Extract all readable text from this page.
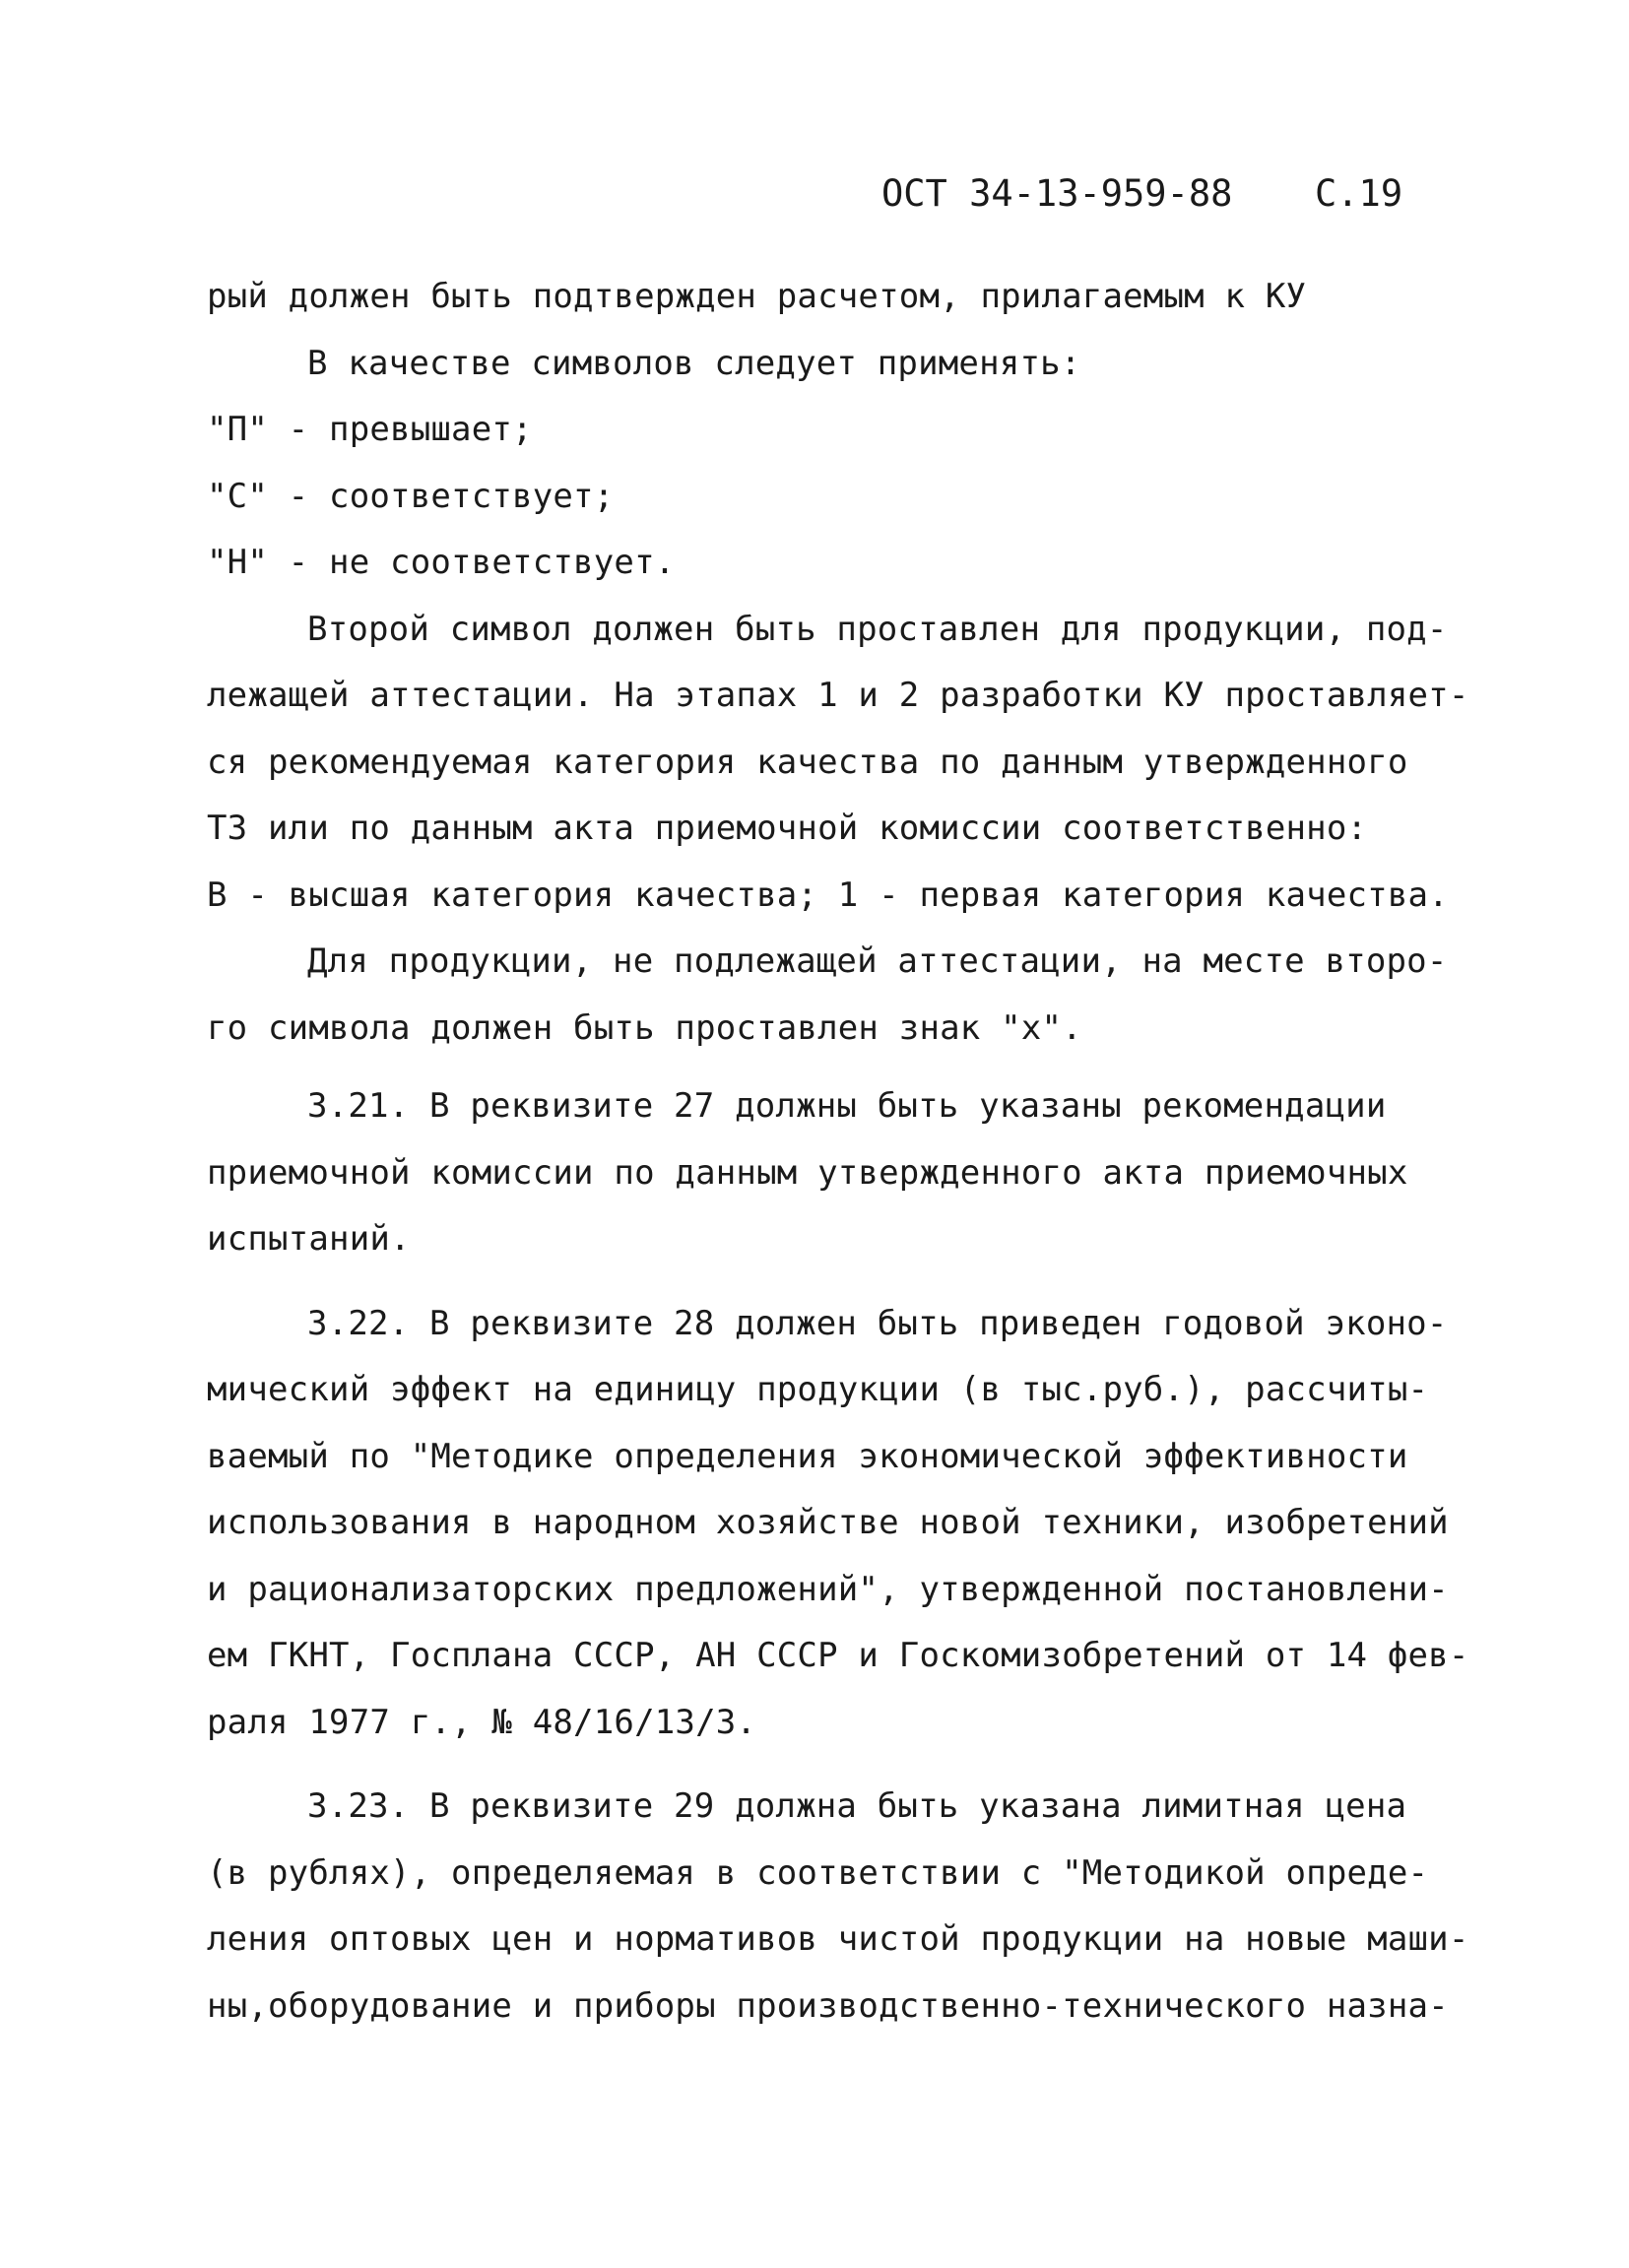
ОСТ 34-13-959-88 С.19
рый должен быть подтвержден расчетом, прилагаемым к КУ
В качестве символов следует применять:
"П" - превышает;
"С" - соответствует;
"Н" - не соответствует.
Второй символ должен быть проставлен для продукции, под-
лежащей аттестации. На этапах 1 и 2 разработки КУ проставляет-
ся рекомендуемая категория качества по данным утвержденного
ТЗ или по данным акта приемочной комиссии соответственно:
В - высшая категория качества; 1 - первая категория качества.
Для продукции, не подлежащей аттестации, на месте второ-
го символа должен быть проставлен знак "х".
3.21. В реквизите 27 должны быть указаны рекомендации
приемочной комиссии по данным утвержденного акта приемочных
испытаний.
3.22. В реквизите 28 должен быть приведен годовой эконо-
мический эффект на единицу продукции (в тыс.руб.), рассчиты-
ваемый по "Методике определения экономической эффективности
использования в народном хозяйстве новой техники, изобретений
и рационализаторских предложений", утвержденной постановлени-
ем ГКНТ, Госплана СССР, АН СССР и Госкомизобретений от 14 фев-
раля 1977 г., № 48/16/13/3.
3.23. В реквизите 29 должна быть указана лимитная цена
(в рублях), определяемая в соответствии с "Методикой опреде-
ления оптовых цен и нормативов чистой продукции на новые маши-
ны,оборудование и приборы производственно-технического назна-
